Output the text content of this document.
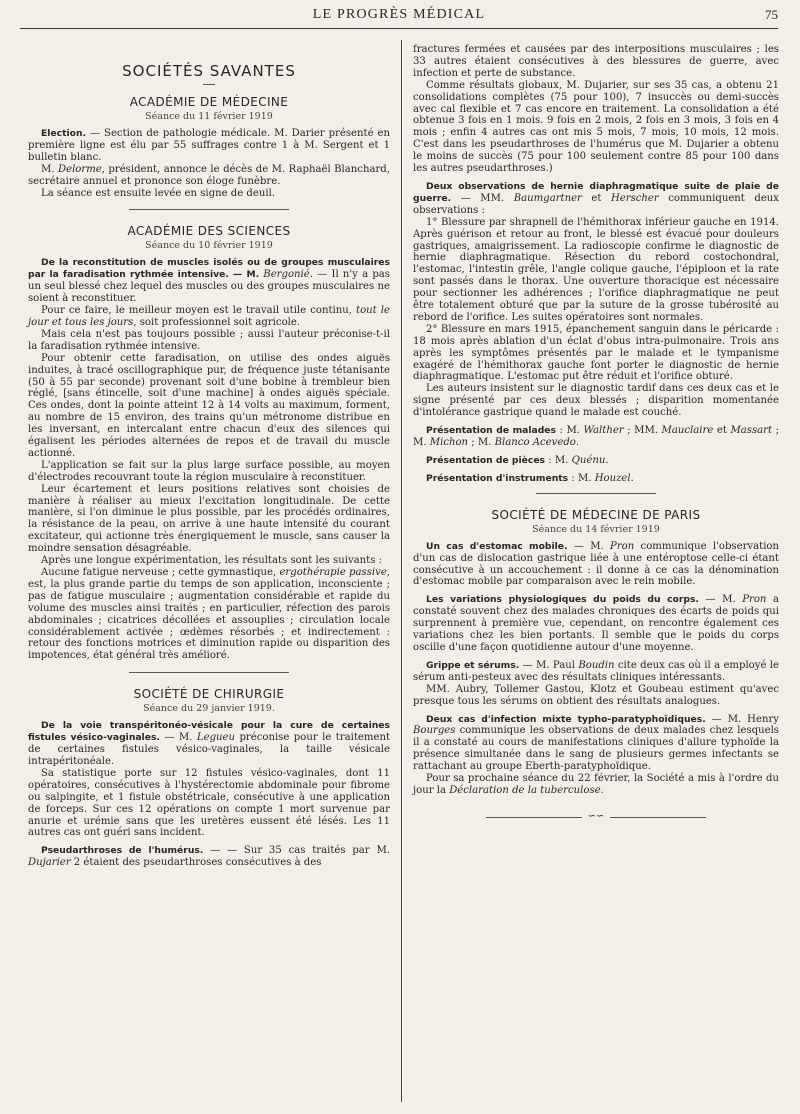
LE PROGRÈS MÉDICAL	75
SOCIÉTÉS SAVANTES
ACADÉMIE DE MÉDECINE
Séance du 11 février 1919

Election. — Section de pathologie médicale. M. Darier présenté en première ligne est élu par 55 suffrages contre 1 à M. Sergent et 1 bulletin blanc.

M. Delorme, président, annonce le décès de M. Raphaël Blanchard, secrétaire annuel et prononce son éloge funèbre.

La séance est ensuite levée en signe de deuil.

ACADÉMIE DES SCIENCES
Séance du 10 février 1919

De la reconstitution de muscles isolés ou de groupes musculaires par la faradisation rythmée intensive. — M. Bergonié. — Il n'y a pas un seul blessé chez lequel des muscles ou des groupes musculaires ne soient à reconstituer.

Pour ce faire, le meilleur moyen est le travail utile continu, tout le jour et tous les jours, soit professionnel soit agricole.

Mais cela n'est pas toujours possible ; aussi l'auteur préconise-t-il la faradisation rythmée intensive.

Pour obtenir cette faradisation, on utilise des ondes aiguës induites, à tracé oscillographique pur, de fréquence juste tétanisante (50 à 55 par seconde) provenant soit d'une bobine à trembleur bien réglé, [sans étincelle, soit d'une machine] à ondes aiguës spéciale. Ces ondes, dont la pointe atteint 12 à 14 volts au maximum, forment, au nombre de 15 environ, des trains qu'un métronome distribue en les inversant, en intercalant entre chacun d'eux des silences qui égalisent les périodes alternées de repos et de travail du muscle actionné.

L'application se fait sur la plus large surface possible, au moyen d'électrodes recouvrant toute la région musculaire à reconstituer.

Leur écartement et leurs positions relatives sont choisies de manière à réaliser au mieux l'excitation longitudinale. De cette manière, si l'on diminue le plus possible, par les procédés ordinaires, la résistance de la peau, on arrive à une haute intensité du courant excitateur, qui actionne très énergiquement le muscle, sans causer la moindre sensation désagréable.

Après une longue expérimentation, les résultats sont les suivants :

Aucune fatigue nerveuse ; cette gymnastique, ergothérapie passive, est, la plus grande partie du temps de son application, inconsciente ; pas de fatigue musculaire ; augmentation considérable et rapide du volume des muscles ainsi traités ; en particulier, réfection des parois abdominales ; cicatrices décollées et assouplies ; circulation locale considérablement activée ; œdèmes résorbés ; et indirectement : retour des fonctions motrices et diminution rapide ou disparition des impotences, état général très amélioré.

SOCIÉTÉ DE CHIRURGIE
Séance du 29 janvier 1919.

De la voie transpéritonéo-vésicale pour la cure de certaines fistules vésico-vaginales. — M. Legueu préconise pour le traitement de certaines fistules vésico-vaginales, la taille vésicale intrapéritonéale.

Sa statistique porte sur 12 fistules vésico-vaginales, dont 11 opératoires, consécutives à l'hystérectomie abdominale pour fibrome ou salpingite, et 1 fistule obstétricale, consécutive à une application de forceps. Sur ces 12 opérations on compte 1 mort survenue par anurie et urémie sans que les uretères eussent été lésés. Les 11 autres cas ont guéri sans incident.

Pseudarthroses de l'humérus. — — Sur 35 cas traités par M. Dujarier 2 étaient des pseudarthroses consécutives à des

fractures fermées et causées par des interpositions musculaires ; les 33 autres étaient consécutives à des blessures de guerre, avec infection et perte de substance.

Comme résultats globaux, M. Dujarier, sur ses 35 cas, a obtenu 21 consolidations complètes (75 pour 100), 7 insuccès ou demi-succès avec cal flexible et 7 cas encore en traitement. La consolidation a été obtenue 3 fois en 1 mois. 9 fois en 2 mois, 2 fois en 3 mois, 3 fois en 4 mois ; enfin 4 autres cas ont mis 5 mois, 7 mois, 10 mois, 12 mois. C'est dans les pseudarthroses de l'humérus que M. Dujarier a obtenu le moins de succès (75 pour 100 seulement contre 85 pour 100 dans les autres pseudarthroses.)

Deux observations de hernie diaphragmatique suite de plaie de guerre. — MM. Baumgartner et Herscher communiquent deux observations :

1° Blessure par shrapnell de l'hémithorax inférieur gauche en 1914. Après guérison et retour au front, le blessé est évacué pour douleurs gastriques, amaigrissement. La radioscopie confirme le diagnostic de hernie diaphragmatique. Résection du rebord costochondral, l'estomac, l'intestin grêle, l'angle colique gauche, l'épiploon et la rate sont passés dans le thorax. Une ouverture thoracique est nécessaire pour sectionner les adhérences ; l'orifice diaphragmatique ne peut être totalement obturé que par la suture de la grosse tubérosité au rebord de l'orifice. Les suites opératoires sont normales.

2° Blessure en mars 1915, épanchement sanguin dans le péricarde : 18 mois après ablation d'un éclat d'obus intra-pulmonaire. Trois ans après les symptômes présentés par le malade et le tympanisme exagéré de l'hémithorax gauche font porter le diagnostic de hernie diaphragmatique. L'estomac put être réduit et l'orifice obturé.

Les auteurs insistent sur le diagnostic tardif dans ces deux cas et le signe présenté par ces deux blessés ; disparition momentanée d'intolérance gastrique quand le malade est couché.

Présentation de malades : M. Walther ; MM. Mauclaire et Massart ; M. Michon ; M. Blanco Acevedo.

Présentation de pièces : M. Quénu.

Présentation d'instruments : M. Houzel.

SOCIÉTÉ DE MÉDECINE DE PARIS
Séance du 14 février 1919

Un cas d'estomac mobile. — M. Pron communique l'observation d'un cas de dislocation gastrique liée à une entéroptose celle-ci étant consécutive à un accouchement : il donne à ce cas la dénomination d'estomac mobile par comparaison avec le rein mobile.

Les variations physiologiques du poids du corps. — M. Pron a constaté souvent chez des malades chroniques des écarts de poids qui surprennent à première vue, cependant, on rencontre également ces variations chez les bien portants. Il semble que le poids du corps oscille d'une façon quotidienne autour d'une moyenne.

Grippe et sérums. — M. Paul Boudin cite deux cas où il a employé le sérum anti-pesteux avec des résultats cliniques intéressants.

MM. Aubry, Tollemer Gastou, Klotz et Goubeau estiment qu'avec presque tous les sérums on obtient des résultats analogues.

Deux cas d'infection mixte typho-paratyphoïdiques. — M. Henry Bourges communique les observations de deux malades chez lesquels il a constaté au cours de manifestations cliniques d'allure typhoïde la présence simultanée dans le sang de plusieurs germes infectants se rattachant au groupe Eberth-paratyphoïdique.

Pour sa prochaine séance du 22 février, la Société a mis à l'ordre du jour la Déclaration de la tuberculose.

∽∽
